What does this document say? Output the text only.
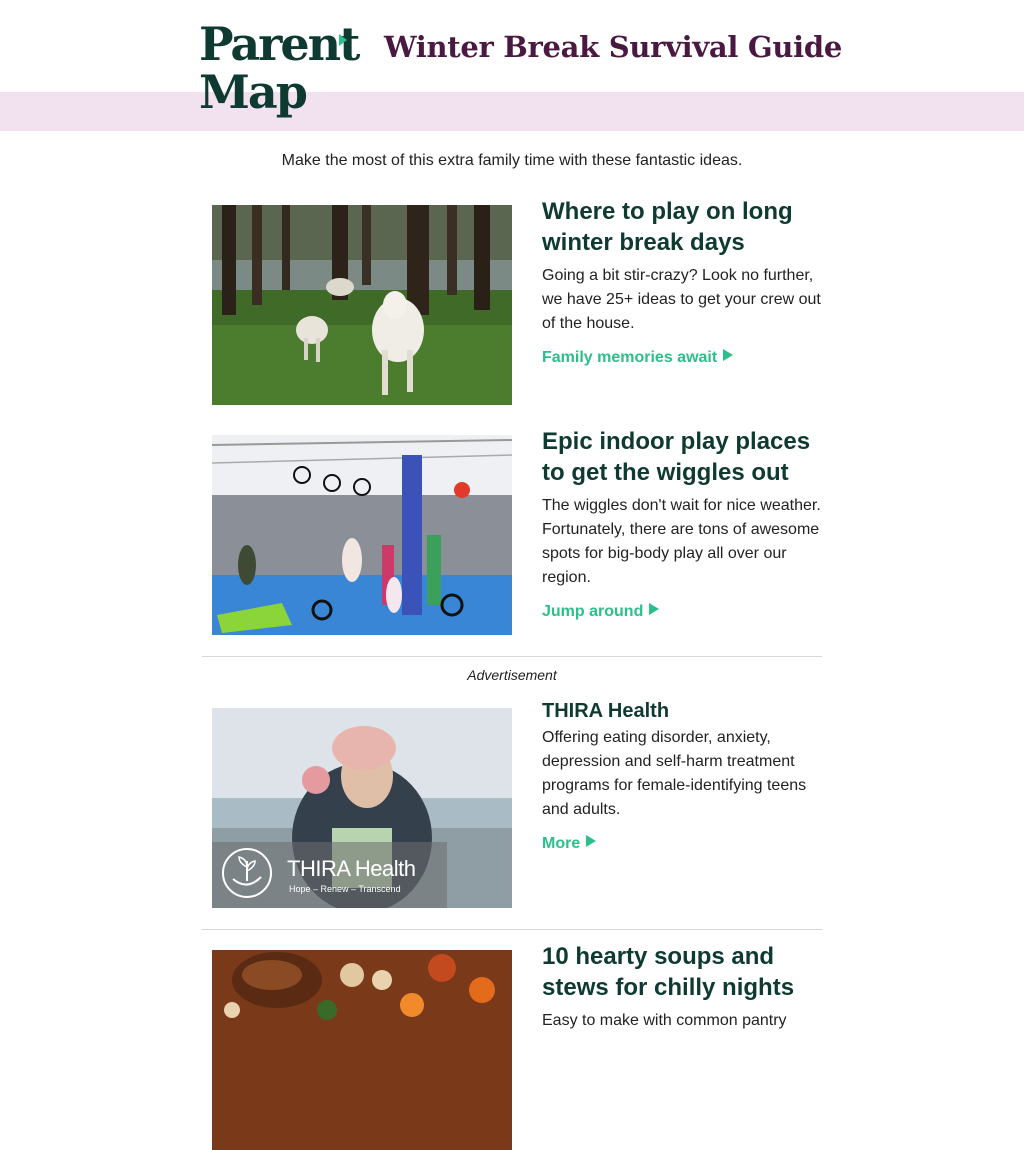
Parent
Map
Winter Break Survival Guide
Make the most of this extra family time with these fantastic ideas.
Where to play on long winter break days

Going a bit stir-crazy? Look no further, we have 25+ ideas to get your crew out of the house.

Family memories await
Epic indoor play places to get the wiggles out

The wiggles don't wait for nice weather. Fortunately, there are tons of awesome spots for big-body play all over our region.

Jump around
Advertisement
THIRA Health
Hope – Renew – Transcend
THIRA Health

Offering eating disorder, anxiety, depression and self-harm treatment programs for female-identifying teens and adults.

More
10 hearty soups and stews for chilly nights

Easy to make with common pantry
